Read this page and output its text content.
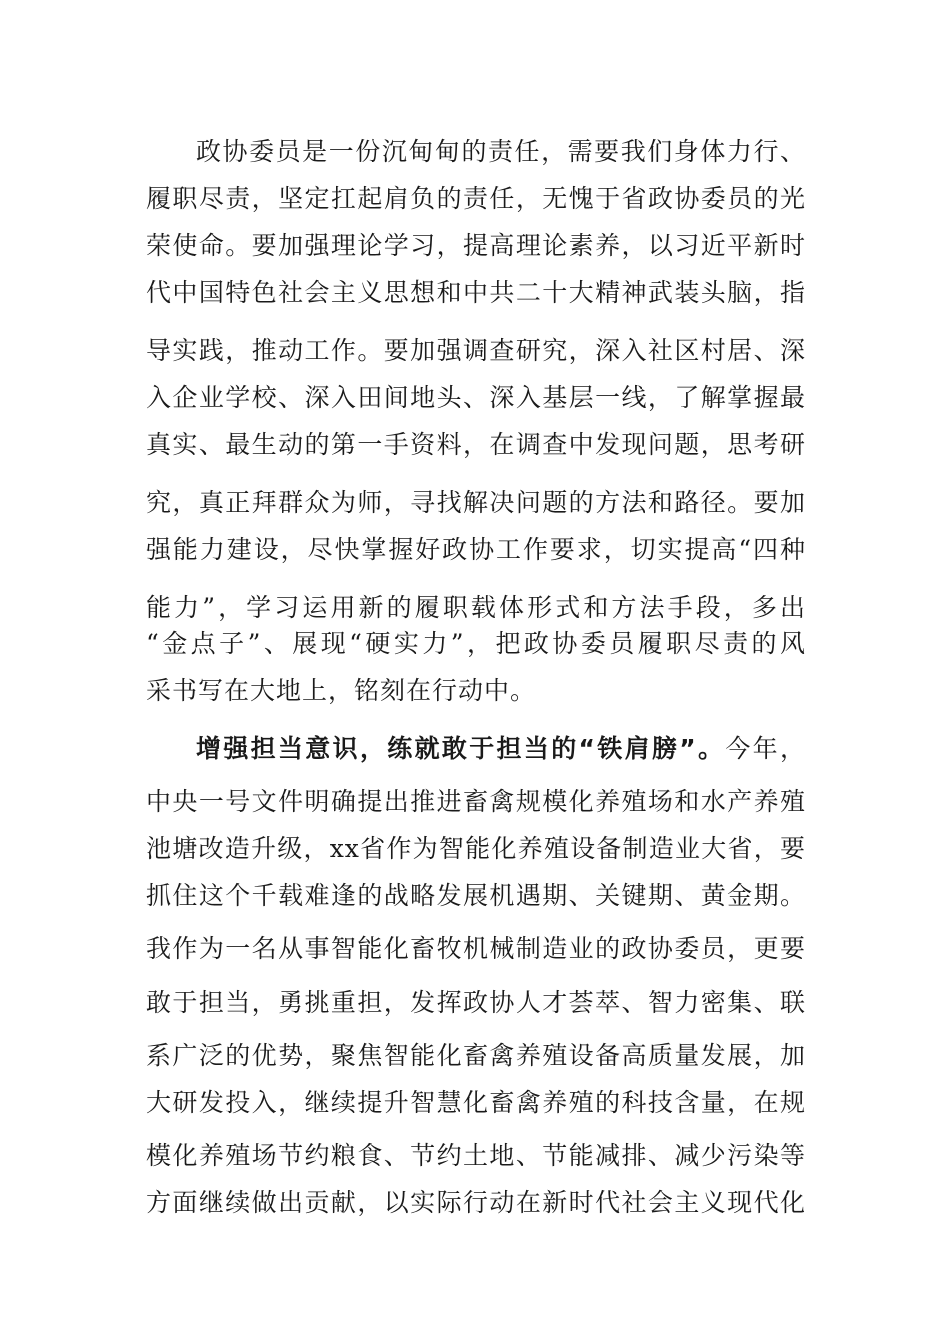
政协委员是一份沉甸甸的责任，需要我们身体力行、
履职尽责，坚定扛起肩负的责任，无愧于省政协委员的光
荣使命。要加强理论学习，提高理论素养，以习近平新时
代中国特色社会主义思想和中共二十大精神武装头脑，指
导实践，推动工作。要加强调查研究，深入社区村居、深
入企业学校、深入田间地头、深入基层一线，了解掌握最
真实、最生动的第一手资料，在调查中发现问题，思考研
究，真正拜群众为师，寻找解决问题的方法和路径。要加
强能力建设，尽快掌握好政协工作要求，切实提高“四种
能力”，学习运用新的履职载体形式和方法手段，多出
“金点子”、展现“硬实力”，把政协委员履职尽责的风
采书写在大地上，铭刻在行动中。
增强担当意识，练就敢于担当的“铁肩膀”。今年，
中央一号文件明确提出推进畜禽规模化养殖场和水产养殖
池塘改造升级，xx省作为智能化养殖设备制造业大省，要
抓住这个千载难逢的战略发展机遇期、关键期、黄金期。
我作为一名从事智能化畜牧机械制造业的政协委员，更要
敢于担当，勇挑重担，发挥政协人才荟萃、智力密集、联
系广泛的优势，聚焦智能化畜禽养殖设备高质量发展，加
大研发投入，继续提升智慧化畜禽养殖的科技含量，在规
模化养殖场节约粮食、节约土地、节能减排、减少污染等
方面继续做出贡献，以实际行动在新时代社会主义现代化
